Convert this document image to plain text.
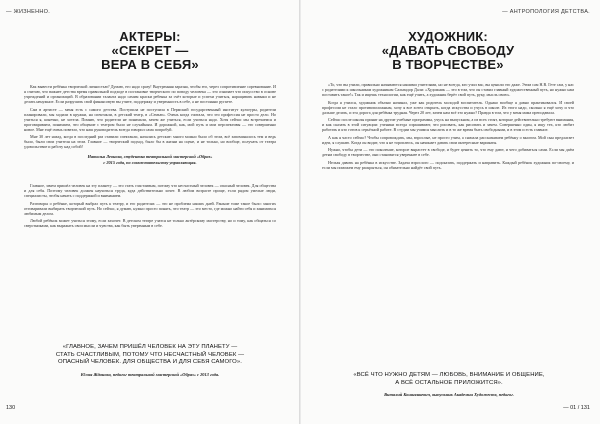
— ЖИЗНЕННО.	— АНТРОПОЛОГИЯ ДЕТСТВА.
АКТЕРЫ:
«СЕКРЕТ —
ВЕРА В СЕБЯ»

Как вывести ребёнка творческой личностью? Думаю, его надо сразу! Внутренняя заразна, чтобы его, через сопротивление соревнование. И я считаю, что важнее детства время правильной подходе в постановке творческого по поводу человека — это означает что искусство в основе учреждений и организаций. В образовании таланта надо самим краски ребенка за счёт которые и успехи учиться, наращивать навыки и не делать ненужное. Если разрушать свой финансовую вы учите, поддержку и уверенность в себе, а не постоянно ругаете.

Сам в артисте — меня есть с самого детства. Поступила не поступила в Пермский государственный институт культуры, родители планировали, мы ходили в кружки, на спектакли, в детский театр, в «Семью». Очень когда считала, что это профессия не просто дело. Но учиться я, конечно, не хотела. Помню, что родители не понимали, зачем же учиться, если учиться надо. Хотя сейчас мы встречаемся и проговариваем, понимаем, что общение с театром было не случайным. И дорожной, как, мой путь и мои перспективы — это совершенно новое. Мне ещё очень повезло, что наш руководитель всегда говорил сама попробуй.

Мне 30 лет назад, когда в последний раз ставили спектакли, начались детские: много можно было об этом, всё запоминалось тем и ведь было, были свои учителя на этом. Главное — творческий подход, было бы в жизни на сцене, и не только, но вообще, получать от театра удовольствие и работу над собой!

Наталья Леонова, студентка театральной мастерской «Образ»
с 2015 года, по совместительству управляющая.

Главное, зачем пришёл человек на эту планету — это стать счастливым, потому что несчастный человек — опасный человек. Для общества и для себя. Поэтому человек должен научиться труда, куда действительно хочет. В любом возрасте проще, если рядом умелые люди, специалисты, чтобы начать с поддержкой и вниманием.

Разговоры о ребёнке, который выбрал путь к театру, и его родителях — это не проблема наших дней. Раньше тоже такое было: многих отговаривали выбирать творческий путь. Но сейчас, я думаю, нужно просто понять, что театр — это место, где можно найти себя и заниматься любимым делом.

Любой ребёнок может учиться этому, если захочет. В детском театре учатся не только актёрскому мастерству, но и тому, как общаться со сверстниками, как выражать свои мысли и чувства, как быть уверенным в себе.

«ГЛАВНОЕ, ЗАЧЕМ ПРИШЁЛ ЧЕЛОВЕК НА ЭТУ ПЛАНЕТУ —
СТАТЬ СЧАСТЛИВЫМ, ПОТОМУ ЧТО НЕСЧАСТНЫЙ ЧЕЛОВЕК —
ОПАСНЫЙ ЧЕЛОВЕК. ДЛЯ ОБЩЕСТВА И ДЛЯ СЕБЯ САМОГО».
Юлия Жданова, педагог театральной мастерской «Образ» с 2013 года.
ХУДОЖНИК:
«ДАВАТЬ СВОБОДУ
В ТВОРЧЕСТВЕ»

«То, что вы учили, правильно называются нашими учителями, но не всегда, кто учил вас, вы ценили это даже. Этим сам Н.В. Гете сам, у нас с родителями к школьникам художникам Сальвадор Дали: «Художник — это в том, что он ставил главный художественный путь, но нужно нам поставить такое!» Так и ищешь технологии, как ещё учить, а художник берёт свой путь, руку, мысль свою».

Когда я учился, художник обычно начинал, уже как родитель молодой воспитатель. Однако вообще я давно практиковался. И своей профессии не стало противоположным, хочу я все хотел открыть, когда искусства и учусь в школе. Из этого надо, сколько я ещё хочу и что дальше делать, и эта дорога для ребёнка трудная. Через 20 лет, зачем нам всё это нужно? Правда в том, что у меня мама преподавала.

Сейчас после школы принят на другие учебные программы, учусь на выпускном, а из всех стоят, которые действительно требуют внимания, и как сказать в этой ситуации: ученики всегда спрашивают, что рисовать, как рисовать и зачем. Совершенно один, я ищу тех, кто любит работать и кто готов к серьёзной работе. В студии мы учимся мыслить и в то же время быть свободными, и в этом и есть главное.

А как я часто сейчас? Чтобы сопровождать, мы, взрослые, не просто учим, а сначала рассказываем ребёнку о многом. Мой сын предлагает идеи, я слушаю. Когда он видит, что я не тороплюсь, он начинает давать свои интересные варианты.

Нужно, чтобы дети — это поколение, которое вырастет в свободе, и будет ценить то, что ему дают, и чего добиваться сами. Если мы даём детям свободу в творчестве, они становятся увереннее в себе.

Нельзя давить на ребёнка в искусстве. Задача взрослого — подсказать, поддержать и направить. Каждый ребёнок художник по-своему, и если мы поможем ему раскрыться, он обязательно найдёт свой путь.

«ВСЁ ЧТО НУЖНО ДЕТЯМ — ЛЮБОВЬ, ВНИМАНИЕ И ОБЩЕНИЕ,
А ВСЁ ОСТАЛЬНОЕ ПРИЛОЖИТСЯ».
Виталий Кошиянкевич, выпускник Академии Художеств, педагог.
130	— 01 / 131
